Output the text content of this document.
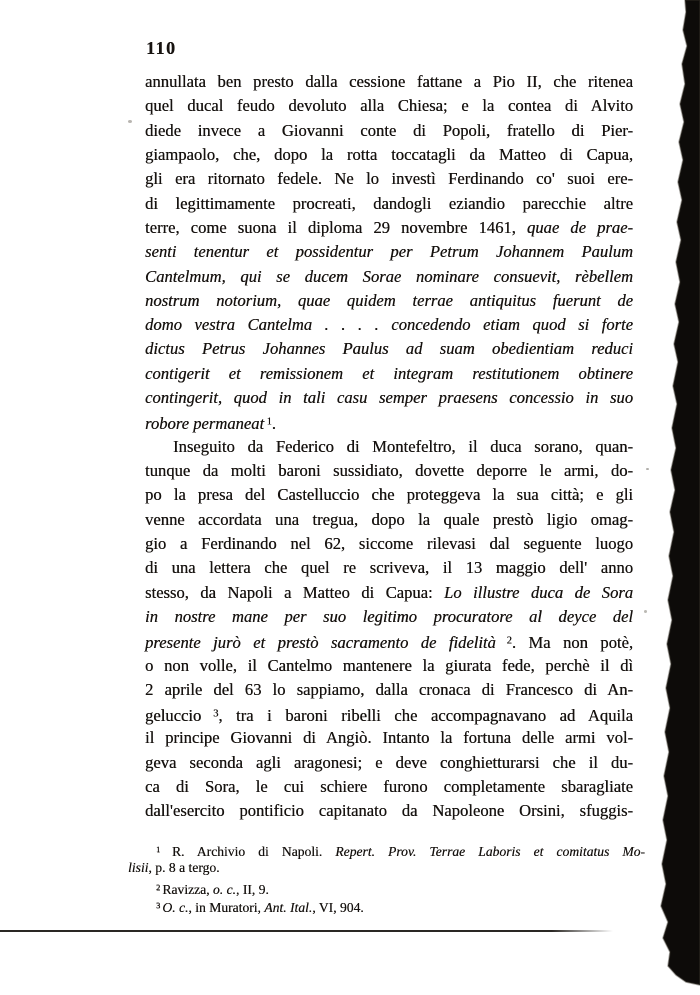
110
annullata ben presto dalla cessione fattane a Pio II, che ritenea
quel ducal feudo devoluto alla Chiesa; e la contea di Alvito
diede invece a Giovanni conte di Popoli, fratello di Pier-
giampaolo, che, dopo la rotta toccatagli da Matteo di Capua,
gli era ritornato fedele. Ne lo investì Ferdinando co' suoi ere-
di legittimamente procreati, dandogli eziandio parecchie altre
terre, come suona il diploma 29 novembre 1461, quae de prae-
senti tenentur et possidentur per Petrum Johannem Paulum
Cantelmum, qui se ducem Sorae nominare consuevit, rèbellem
nostrum notorium, quae quidem terrae antiquitus fuerunt de
domo vestra Cantelma . . . . concedendo etiam quod si forte
dictus Petrus Johannes Paulus ad suam obedientiam reduci
contigerit et remissionem et integram restitutionem obtinere
contingerit, quod in tali casu semper praesens concessio in suo
robore permaneat $^1$.
Inseguito da Federico di Montefeltro, il duca sorano, quan-
tunque da molti baroni sussidiato, dovette deporre le armi, do-
po la presa del Castelluccio che proteggeva la sua città; e gli
venne accordata una tregua, dopo la quale prestò ligio omag-
gio a Ferdinando nel 62, siccome rilevasi dal seguente luogo
di una lettera che quel re scriveva, il 13 maggio dell' anno
stesso, da Napoli a Matteo di Capua: Lo illustre duca de Sora
in nostre mane per suo legitimo procuratore al deyce del
presente jurò et prestò sacramento de fidelità $^2$. Ma non potè,
o non volle, il Cantelmo mantenere la giurata fede, perchè il dì
2 aprile del 63 lo sappiamo, dalla cronaca di Francesco di An-
geluccio $^3$, tra i baroni ribelli che accompagnavano ad Aquila
il principe Giovanni di Angiò. Intanto la fortuna delle armi vol-
geva seconda agli aragonesi; e deve conghietturarsi che il du-
ca di Sora, le cui schiere furono completamente sbaragliate
dall'esercito pontificio capitanato da Napoleone Orsini, sfuggis-
$^1$ R. Archivio di Napoli. Repert. Prov. Terrae Laboris et comitatus Mo-
lisii, p. 8 a tergo.
$^2$ Ravizza, o. c., II, 9.
$^3$ O. c., in Muratori, Ant. Ital., VI, 904.
